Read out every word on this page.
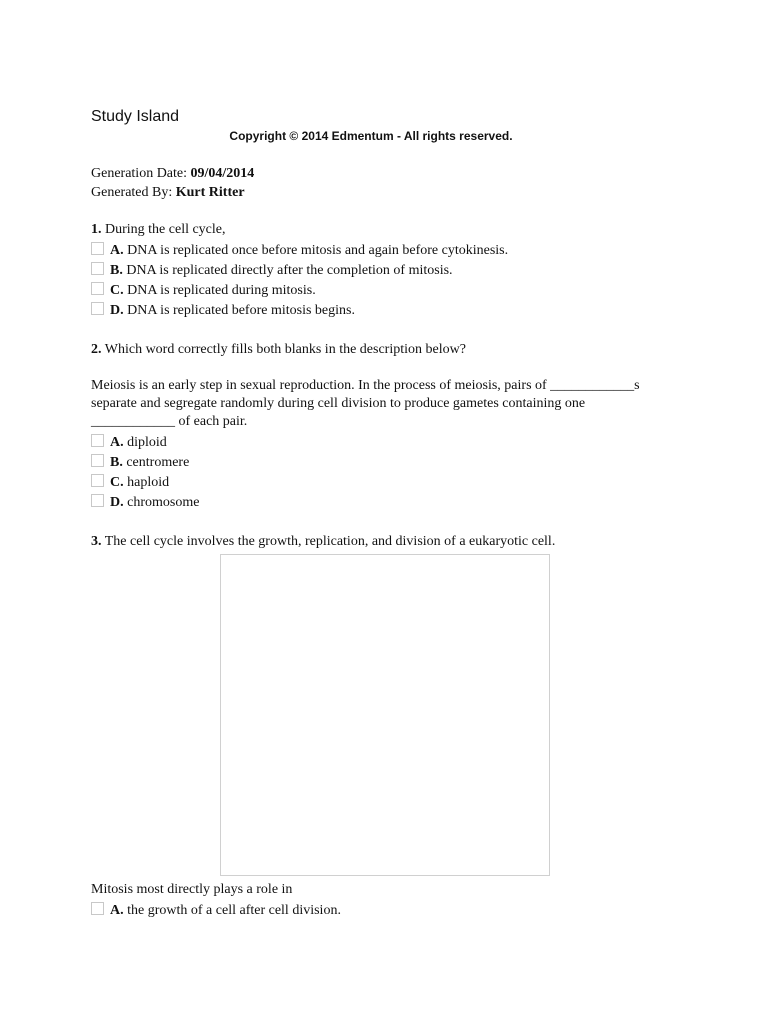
Study Island
Copyright © 2014 Edmentum - All rights reserved.
Generation Date: 09/04/2014
Generated By: Kurt Ritter
1. During the cell cycle,
A. DNA is replicated once before mitosis and again before cytokinesis.
B. DNA is replicated directly after the completion of mitosis.
C. DNA is replicated during mitosis.
D. DNA is replicated before mitosis begins.
2. Which word correctly fills both blanks in the description below?
Meiosis is an early step in sexual reproduction. In the process of meiosis, pairs of ____________s separate and segregate randomly during cell division to produce gametes containing one ____________ of each pair.
A. diploid
B. centromere
C. haploid
D. chromosome
3. The cell cycle involves the growth, replication, and division of a eukaryotic cell.
Mitosis most directly plays a role in
A. the growth of a cell after cell division.
